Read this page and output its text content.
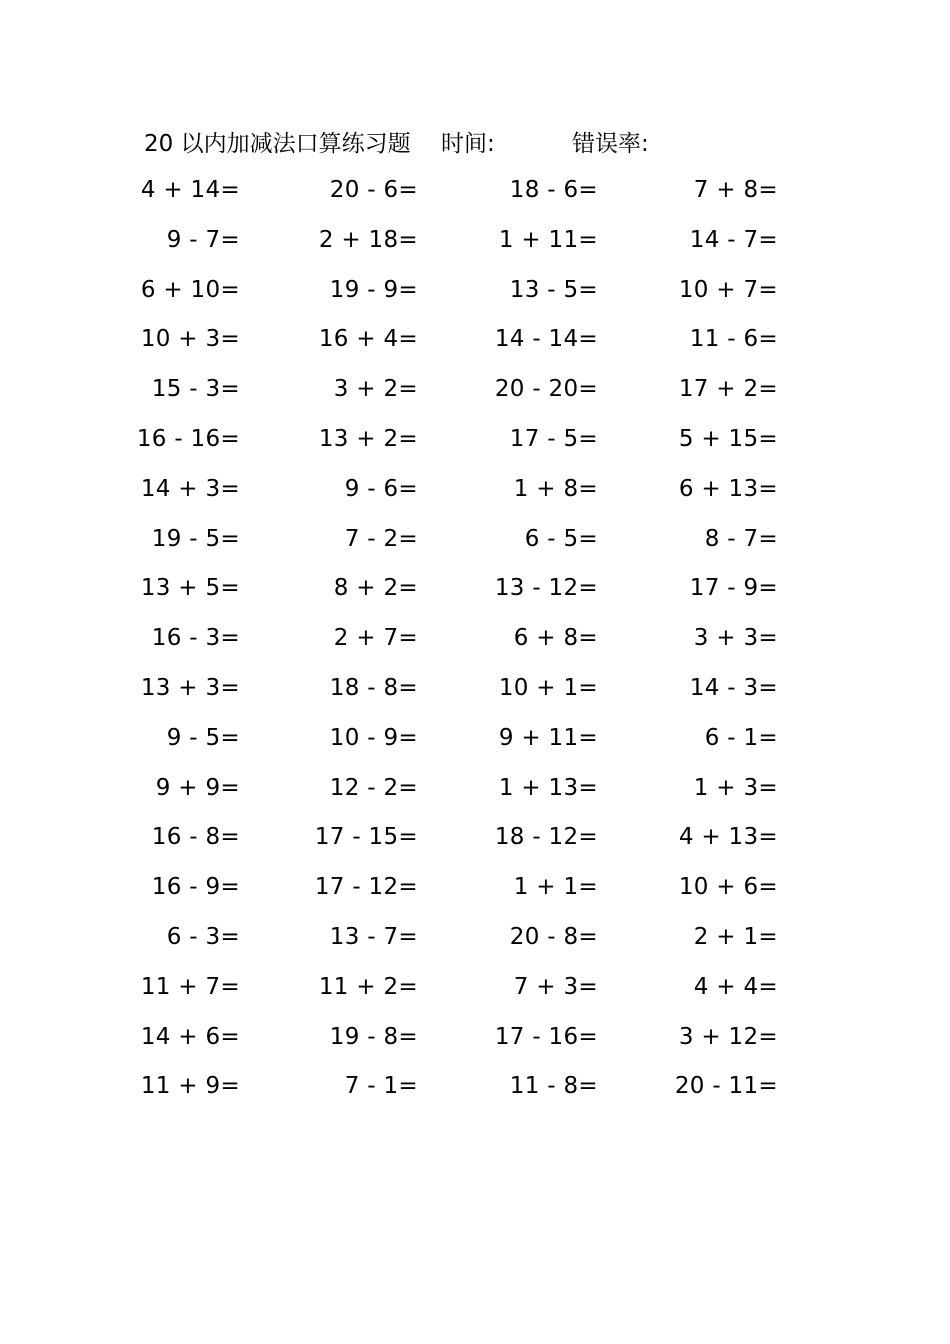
20 以内加减法口算练习题 时间:	错误率:
4 + 14=	20 - 6=	18 - 6=	7 + 8=
9 - 7=	2 + 18=	1 + 11=	14 - 7=
6 + 10=	19 - 9=	13 - 5=	10 + 7=
10 + 3=	16 + 4=	14 - 14=	11 - 6=
15 - 3=	3 + 2=	20 - 20=	17 + 2=
16 - 16=	13 + 2=	17 - 5=	5 + 15=
14 + 3=	9 - 6=	1 + 8=	6 + 13=
19 - 5=	7 - 2=	6 - 5=	8 - 7=
13 + 5=	8 + 2=	13 - 12=	17 - 9=
16 - 3=	2 + 7=	6 + 8=	3 + 3=
13 + 3=	18 - 8=	10 + 1=	14 - 3=
9 - 5=	10 - 9=	9 + 11=	6 - 1=
9 + 9=	12 - 2=	1 + 13=	1 + 3=
16 - 8=	17 - 15=	18 - 12=	4 + 13=
16 - 9=	17 - 12=	1 + 1=	10 + 6=
6 - 3=	13 - 7=	20 - 8=	2 + 1=
11 + 7=	11 + 2=	7 + 3=	4 + 4=
14 + 6=	19 - 8=	17 - 16=	3 + 12=
11 + 9=	7 - 1=	11 - 8=	20 - 11=
